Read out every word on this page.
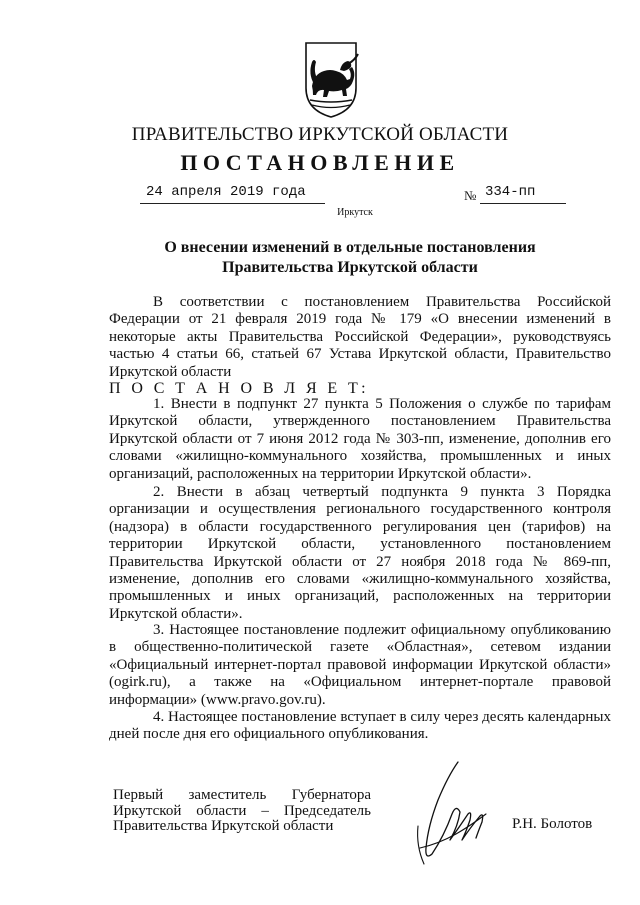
ПРАВИТЕЛЬСТВО ИРКУТСКОЙ ОБЛАСТИ
ПОСТАНОВЛЕНИЕ
24 апреля 2019 года	№ 334-пп
Иркутск
О внесении изменений в отдельные постановления Правительства Иркутской области
В соответствии с постановлением Правительства Российской Федерации от 21 февраля 2019 года № 179 «О внесении изменений в некоторые акты Правительства Российской Федерации», руководствуясь частью 4 статьи 66, статьей 67 Устава Иркутской области, Правительство Иркутской области
П О С Т А Н О В Л Я Е Т:
1. Внести в подпункт 27 пункта 5 Положения о службе по тарифам Иркутской области, утвержденного постановлением Правительства Иркутской области от 7 июня 2012 года № 303-пп, изменение, дополнив его словами «жилищно-коммунального хозяйства, промышленных и иных организаций, расположенных на территории Иркутской области».
2. Внести в абзац четвертый подпункта 9 пункта 3 Порядка организации и осуществления регионального государственного контроля (надзора) в области государственного регулирования цен (тарифов) на территории Иркутской области, установленного постановлением Правительства Иркутской области от 27 ноября 2018 года № 869-пп, изменение, дополнив его словами «жилищно-коммунального хозяйства, промышленных и иных организаций, расположенных на территории Иркутской области».
3. Настоящее постановление подлежит официальному опубликованию в общественно-политической газете «Областная», сетевом издании «Официальный интернет-портал правовой информации Иркутской области» (ogirk.ru), а также на «Официальном интернет-портале правовой информации» (www.pravo.gov.ru).
4. Настоящее постановление вступает в силу через десять календарных дней после дня его официального опубликования.
Первый заместитель Губернатора
Иркутской области – Председатель
Правительства Иркутской области	Р.Н. Болотов
